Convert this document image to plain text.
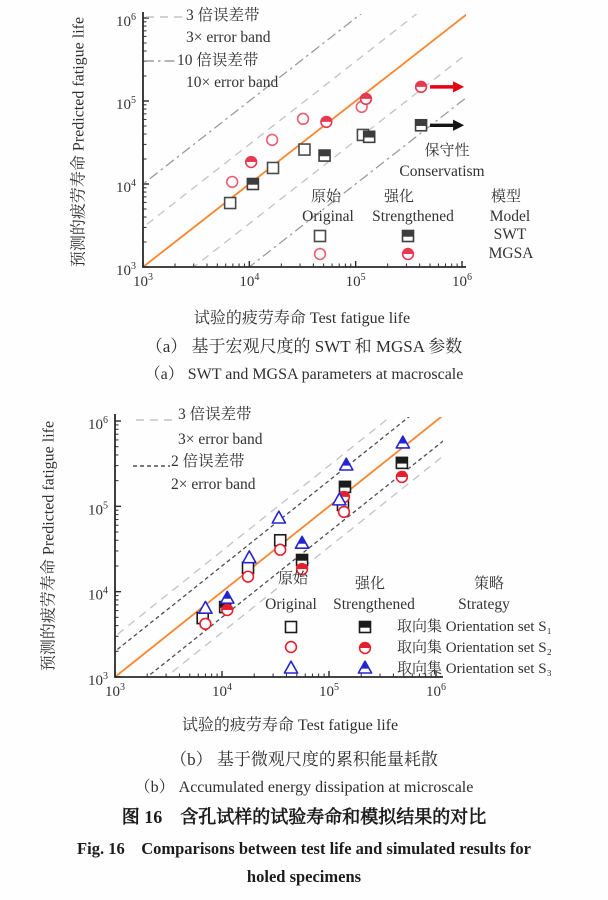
$10^3$
$10^3$
$10^4$
$10^4$
$10^5$
$10^5$
$10^6$
$10^6$
$10^3$
$10^3$
$10^4$
$10^4$
$10^5$
$10^5$
$10^6$
$10^6$
预测的疲劳寿命 Predicted fatigue life
3 倍误差带
3× error band
10 倍误差带
10× error band
保守性
Conservatism
原始
Original
强化
Strengthened
模型
Model
SWT
MGSA
试验的疲劳寿命 Test fatigue life
（a） 基于宏观尺度的 SWT 和 MGSA 参数
（a） SWT and MGSA parameters at macroscale
预测的疲劳寿命 Predicted fatigue life
3 倍误差带
3× error band
2 倍误差带
2× error band
原始
Original
强化
Strengthened
策略
Strategy
取向集 Orientation set S₁
取向集 Orientation set S₂
取向集 Orientation set S₃
试验的疲劳寿命 Test fatigue life
（b） 基于微观尺度的累积能量耗散
（b） Accumulated energy dissipation at microscale
图 16　含孔试样的试验寿命和模拟结果的对比
Fig. 16　Comparisons between test life and simulated results for
holed specimens
